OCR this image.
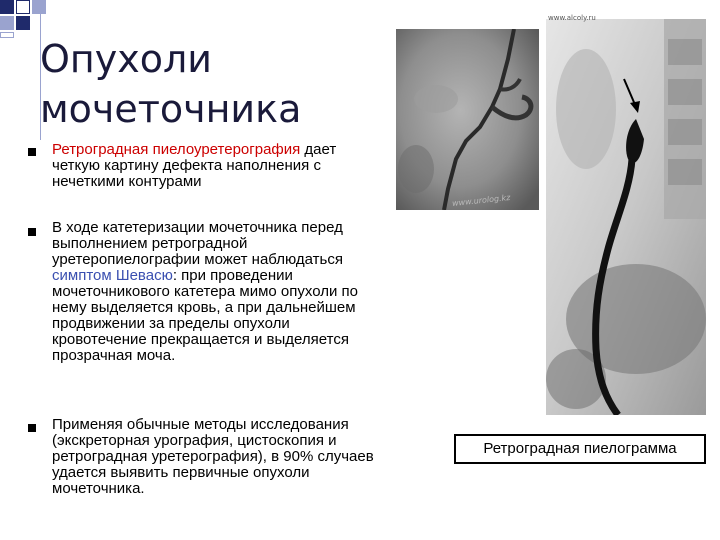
Опухоли
мочеточника
Ретроградная пиелоуретерография дает четкую картину дефекта наполнения с нечеткими контурами
В ходе катетеризации мочеточника перед выполнением ретроградной уретеропиелографии может наблюдаться симптом Шевасю: при проведении мочеточникового катетера мимо опухоли по нему выделяется кровь, а при дальнейшем продвижении за пределы опухоли кровотечение прекращается и выделяется прозрачная моча.
Применяя обычные методы исследования (экскреторная урография, цистоскопия и ретроградная уретерография), в 90% случаев удается выявить первичные опухоли мочеточника.
www.urolog.kz
www.alcoly.ru
Ретроградная пиелограмма
